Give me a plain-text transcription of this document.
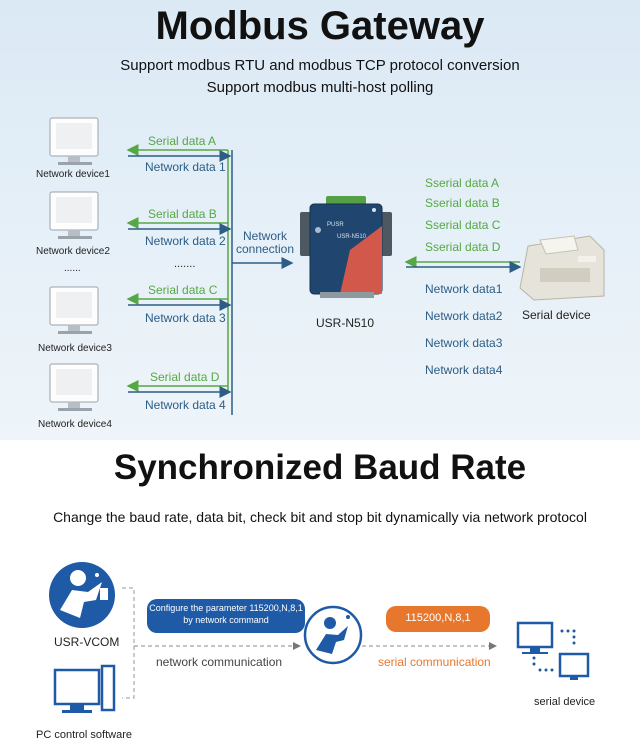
Modbus Gateway
Support modbus RTU and modbus TCP protocol conversion
Support modbus multi-host polling
Network device1
Network device2
......
Network device3
Network device4
Serial data A
Network data 1
Serial data B
Network data 2
.......
Serial data C
Network data 3
Serial data D
Network data 4
Network connection
PUSR
USR-N510
USR-N510
Sserial data A
Sserial data B
Sserial data C
Sserial data D
Network data1
Network data2
Network data3
Network data4
Serial device
Synchronized Baud Rate
Change the baud rate, data bit, check bit and stop bit dynamically via network protocol
USR-VCOM
PC control software
Configure the parameter 115200,N,8,1
by network command	115200,N,8,1
network communication	serial communication
serial device
